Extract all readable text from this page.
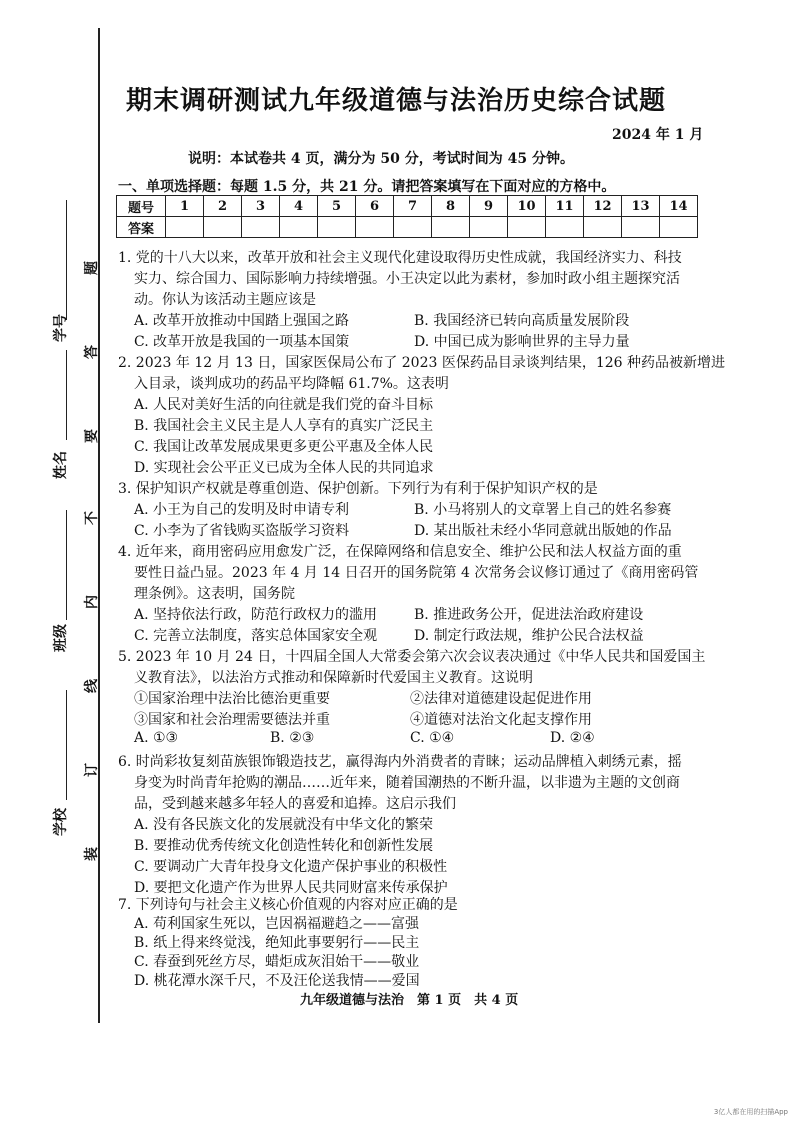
学号
姓名
班级
学校
题
答
要
不
内
线
订
装
期末调研测试九年级道德与法治历史综合试题
2024 年 1 月
说明：本试卷共 4 页，满分为 50 分，考试时间为 45 分钟。
一、单项选择题：每题 1.5 分，共 21 分。请把答案填写在下面对应的方格中。
题号	1	2	3	4	5	6	7	8	9	10	11	12	13	14
答案														
1. 党的十八大以来，改革开放和社会主义现代化建设取得历史性成就，我国经济实力、科技
实力、综合国力、国际影响力持续增强。小王决定以此为素材，参加时政小组主题探究活
动。你认为该活动主题应该是
A. 改革开放推动中国踏上强国之路	B. 我国经济已转向高质量发展阶段
C. 改革开放是我国的一项基本国策	D. 中国已成为影响世界的主导力量
2. 2023 年 12 月 13 日，国家医保局公布了 2023 医保药品目录谈判结果，126 种药品被新增进
入目录，谈判成功的药品平均降幅 61.7%。这表明
A. 人民对美好生活的向往就是我们党的奋斗目标
B. 我国社会主义民主是人人享有的真实广泛民主
C. 我国让改革发展成果更多更公平惠及全体人民
D. 实现社会公平正义已成为全体人民的共同追求
3. 保护知识产权就是尊重创造、保护创新。下列行为有利于保护知识产权的是
A. 小王为自己的发明及时申请专利	B. 小马将别人的文章署上自己的姓名参赛
C. 小李为了省钱购买盗版学习资料	D. 某出版社未经小华同意就出版她的作品
4. 近年来，商用密码应用愈发广泛，在保障网络和信息安全、维护公民和法人权益方面的重
要性日益凸显。2023 年 4 月 14 日召开的国务院第 4 次常务会议修订通过了《商用密码管
理条例》。这表明，国务院
A. 坚持依法行政，防范行政权力的滥用	B. 推进政务公开，促进法治政府建设
C. 完善立法制度，落实总体国家安全观	D. 制定行政法规，维护公民合法权益
5. 2023 年 10 月 24 日，十四届全国人大常委会第六次会议表决通过《中华人民共和国爱国主
义教育法》，以法治方式推动和保障新时代爱国主义教育。这说明
①国家治理中法治比德治更重要	②法律对道德建设起促进作用
③国家和社会治理需要德法并重	④道德对法治文化起支撑作用
A. ①③	B. ②③	C. ①④	D. ②④
6. 时尚彩妆复刻苗族银饰锻造技艺，赢得海内外消费者的青睐；运动品牌植入刺绣元素，摇
身变为时尚青年抢购的潮品……近年来，随着国潮热的不断升温，以非遗为主题的文创商
品，受到越来越多年轻人的喜爱和追捧。这启示我们
A. 没有各民族文化的发展就没有中华文化的繁荣
B. 要推动优秀传统文化创造性转化和创新性发展
C. 要调动广大青年投身文化遗产保护事业的积极性
D. 要把文化遗产作为世界人民共同财富来传承保护
7. 下列诗句与社会主义核心价值观的内容对应正确的是
A. 苟利国家生死以，岂因祸福避趋之——富强
B. 纸上得来终觉浅，绝知此事要躬行——民主
C. 春蚕到死丝方尽，蜡炬成灰泪始干——敬业
九年级道德与法治　第 1 页　共 4 页
3亿人都在用的扫描App
D. 桃花潭水深千尺，不及汪伦送我情——爱国
